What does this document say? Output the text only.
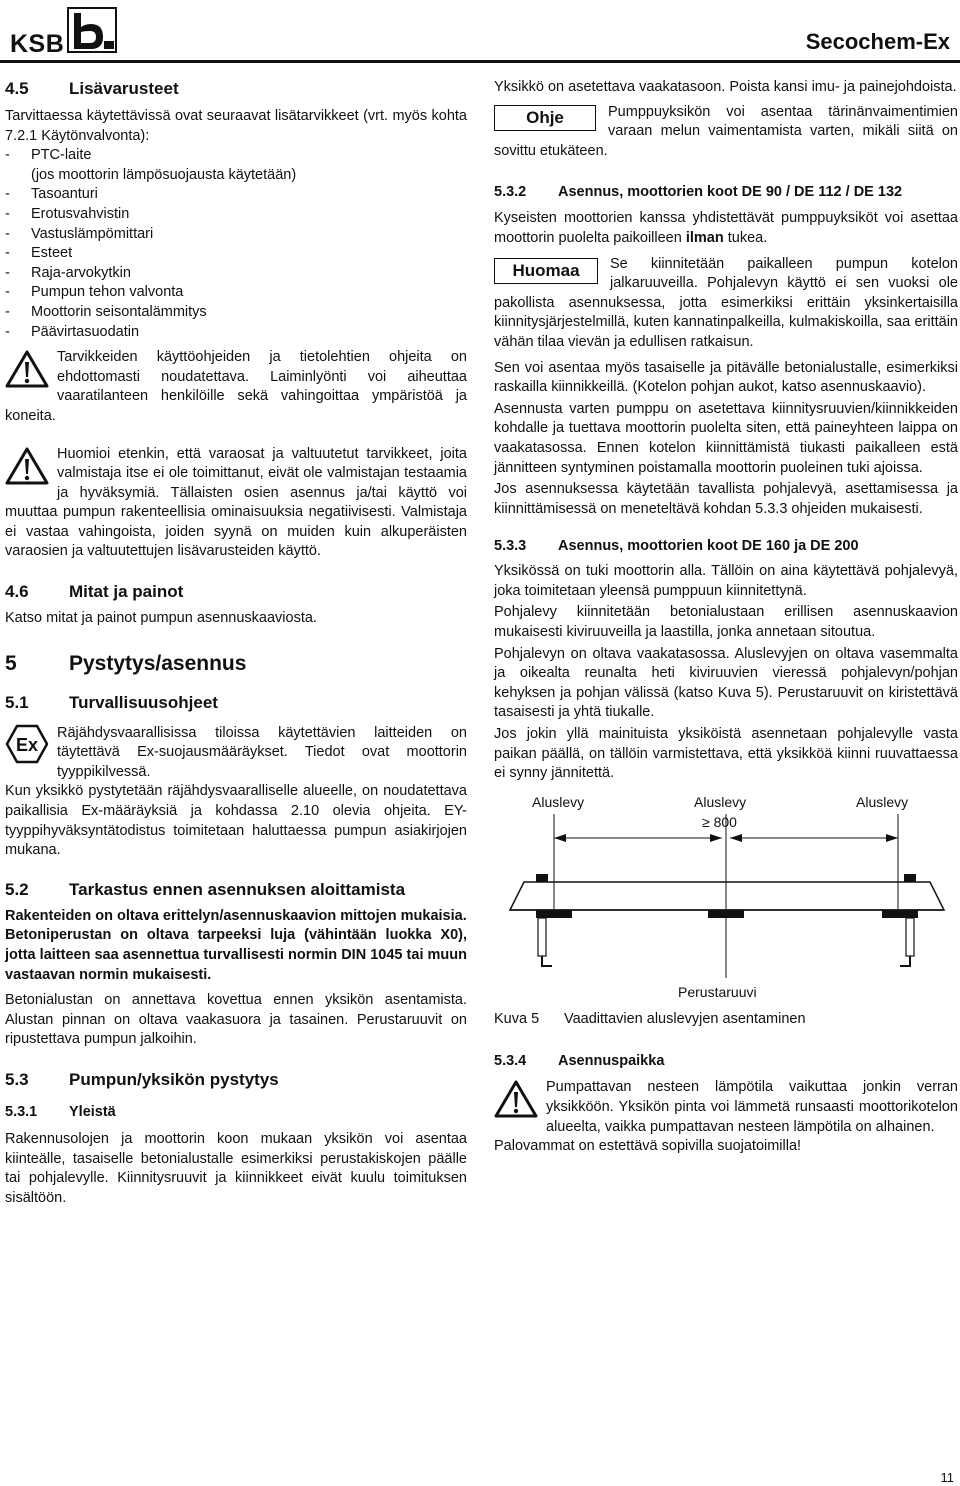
KSB	Secochem-Ex
4.5 Lisävarusteet

Tarvittaessa käytettävissä ovat seuraavat lisätarvikkeet (vrt. myös kohta 7.2.1 Käytönvalvonta):

- PTC-laite
(jos moottorin lämpösuojausta käytetään)
- Tasoanturi
- Erotusvahvistin
- Vastuslämpömittari
- Esteet
- Raja-arvokytkin
- Pumpun tehon valvonta
- Moottorin seisontalämmitys
- Päävirtasuodatin

Tarvikkeiden käyttöohjeiden ja tietolehtien ohjeita on ehdottomasti noudatettava. Laiminlyönti voi aiheuttaa vaaratilanteen henkilöille sekä vahingoittaa ympäristöä ja koneita.

Huomioi etenkin, että varaosat ja valtuutetut tarvikkeet, joita valmistaja itse ei ole toimittanut, eivät ole valmistajan testaamia ja hyväksymiä. Tällaisten osien asennus ja/tai käyttö voi muuttaa pumpun rakenteellisia ominaisuuksia negatiivisesti. Valmistaja ei vastaa vahingoista, joiden syynä on muiden kuin alkuperäisten varaosien ja valtuutettujen lisävarusteiden käyttö.

4.6 Mitat ja painot

Katso mitat ja painot pumpun asennuskaaviosta.

5 Pystytys/asennus
5.1 Turvallisuusohjeet
Ex

Räjähdysvaarallisissa tiloissa käytettävien laitteiden on täytettävä Ex-suojausmääräykset. Tiedot ovat moottorin tyyppikilvessä.

Kun yksikkö pystytetään räjähdysvaaralliselle alueelle, on noudatettava paikallisia Ex-määräyksiä ja kohdassa 2.10 olevia ohjeita. EY-tyyppihyväksyntätodistus toimitetaan haluttaessa pumpun asiakirjojen mukana.

5.2 Tarkastus ennen asennuksen aloittamista

Rakenteiden on oltava erittelyn/asennuskaavion mittojen mukaisia.

Betoniperustan on oltava tarpeeksi luja (vähintään luokka X0), jotta laitteen saa asennettua turvallisesti normin DIN 1045 tai muun vastaavan normin mukaisesti.

Betonialustan on annettava kovettua ennen yksikön asentamista. Alustan pinnan on oltava vaakasuora ja tasainen. Perustaruuvit on ripustettava pumpun jalkoihin.

5.3 Pumpun/yksikön pystytys
5.3.1 Yleistä

Rakennusolojen ja moottorin koon mukaan yksikön voi asentaa kiinteälle, tasaiselle betonialustalle esimerkiksi perustakiskojen päälle tai pohjalevylle. Kiinnitysruuvit ja kiinnikkeet eivät kuulu toimituksen sisältöön.

Yksikkö on asetettava vaakatasoon. Poista kansi imu- ja painejohdoista.

Ohje	Pumppuyksikön voi asentaa tärinänvaimentimien varaan melun vaimentamista varten, mikäli siitä on sovittu etukäteen.

5.3.2 Asennus, moottorien koot DE 90 / DE 112 / DE 132

Kyseisten moottorien kanssa yhdistettävät pumppuyksiköt voi asettaa moottorin puolelta paikoilleen ilman tukea.

Huomaa	Se kiinnitetään paikalleen pumpun kotelon jalkaruuveilla. Pohjalevyn käyttö ei sen vuoksi ole pakollista asennuksessa, jotta esimerkiksi erittäin yksinkertaisilla kiinnitysjärjestelmillä, kuten kannatinpalkeilla, kulmakiskoilla, saa erittäin vähän tilaa vievän ja edullisen ratkaisun.

Sen voi asentaa myös tasaiselle ja pitävälle betonialustalle, esimerkiksi raskailla kiinnikkeillä. (Kotelon pohjan aukot, katso asennuskaavio).

Asennusta varten pumppu on asetettava kiinnitysruuvien/kiinnikkeiden kohdalle ja tuettava moottorin puolelta siten, että paineyhteen laippa on vaakatasossa. Ennen kotelon kiinnittämistä tiukasti paikalleen estä jännitteen syntyminen poistamalla moottorin puoleinen tuki ajoissa.

Jos asennuksessa käytetään tavallista pohjalevyä, asettamisessa ja kiinnittämisessä on meneteltävä kohdan 5.3.3 ohjeiden mukaisesti.

5.3.3 Asennus, moottorien koot DE 160 ja DE 200

Yksikössä on tuki moottorin alla. Tällöin on aina käytettävä pohjalevyä, joka toimitetaan yleensä pumppuun kiinnitettynä.

Pohjalevy kiinnitetään betonialustaan erillisen asennuskaavion mukaisesti kiviruuveilla ja laastilla, jonka annetaan sitoutua.

Pohjalevyn on oltava vaakatasossa. Aluslevyjen on oltava vasemmalta ja oikealta reunalta heti kiviruuvien vieressä pohjalevyn/pohjan kehyksen ja pohjan välissä (katso Kuva 5). Perustaruuvit on kiristettävä tasaisesti ja yhtä tiukalle.

Jos jokin yllä mainituista yksiköistä asennetaan pohjalevylle vasta paikan päällä, on tällöin varmistettava, että yksikköä kiinni ruuvattaessa ei synny jännitettä.

Aluslevy	Aluslevy	Aluslevy
≥ 800
Perustaruuvi
Kuva 5 Vaadittavien aluslevyjen asentaminen
5.3.4 Asennuspaikka

Pumpattavan nesteen lämpötila vaikuttaa jonkin verran yksikköön. Yksikön pinta voi lämmetä runsaasti moottorikotelon alueelta, vaikka pumpattavan nesteen lämpötila on alhainen.

Palovammat on estettävä sopivilla suojatoimilla!

11
